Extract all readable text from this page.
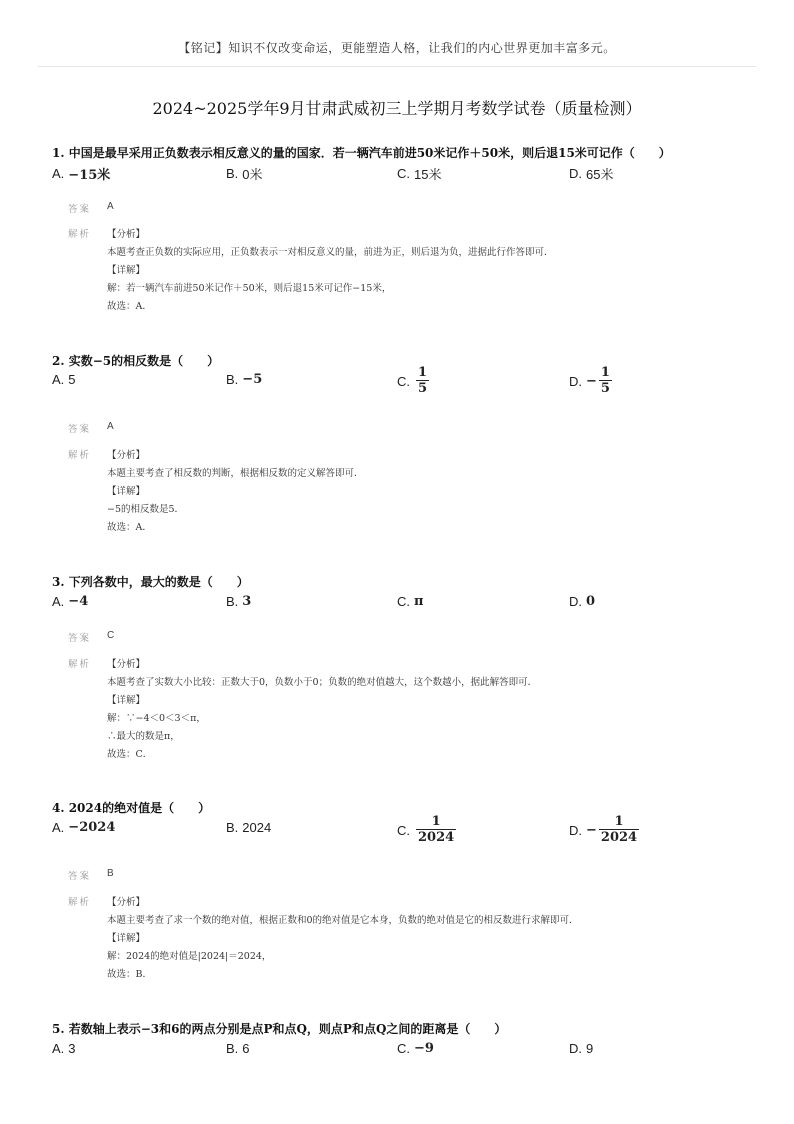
【铭记】知识不仅改变命运，更能塑造人格，让我们的内心世界更加丰富多元。
2024~2025学年9月甘肃武威初三上学期月考数学试卷（质量检测）
1. 中国是最早采用正负数表示相反意义的量的国家．若一辆汽车前进50米记作＋50米，则后退15米可记作（　　）
A. −15米	B. 0米	C. 15米	D. 65米
答案 A
解析 【分析】
本题考查正负数的实际应用，正负数表示一对相反意义的量，前进为正，则后退为负，进据此行作答即可．
【详解】
解：若一辆汽车前进50米记作＋50米，则后退15米可记作−15米，
故选：A．
2. 实数−5的相反数是（　　）
A. 5	B. −5	C. $\frac{1}{5}$	D. − $\frac{1}{5}$
答案 A
解析 【分析】
本题主要考查了相反数的判断，根据相反数的定义解答即可．
【详解】
−5的相反数是5．
故选：A．
3. 下列各数中，最大的数是（　　）
A. −4	B. 3	C. π	D. 0
答案 C
解析 【分析】
本题考查了实数大小比较：正数大于0，负数小于0；负数的绝对值越大，这个数越小，据此解答即可．
【详解】
解：∵−4＜0＜3＜π，
∴最大的数是π，
故选：C．
4. 2024的绝对值是（　　）
A. −2024	B. 2024	C. $\frac{1}{2024}$	D. − $\frac{1}{2024}$
答案 B
解析 【分析】
本题主要考查了求一个数的绝对值，根据正数和0的绝对值是它本身，负数的绝对值是它的相反数进行求解即可．
【详解】
解：2024的绝对值是|2024|＝2024，
故选：B．
5. 若数轴上表示−3和6的两点分别是点P和点Q，则点P和点Q之间的距离是（　　）
A. 3	B. 6	C. −9	D. 9
